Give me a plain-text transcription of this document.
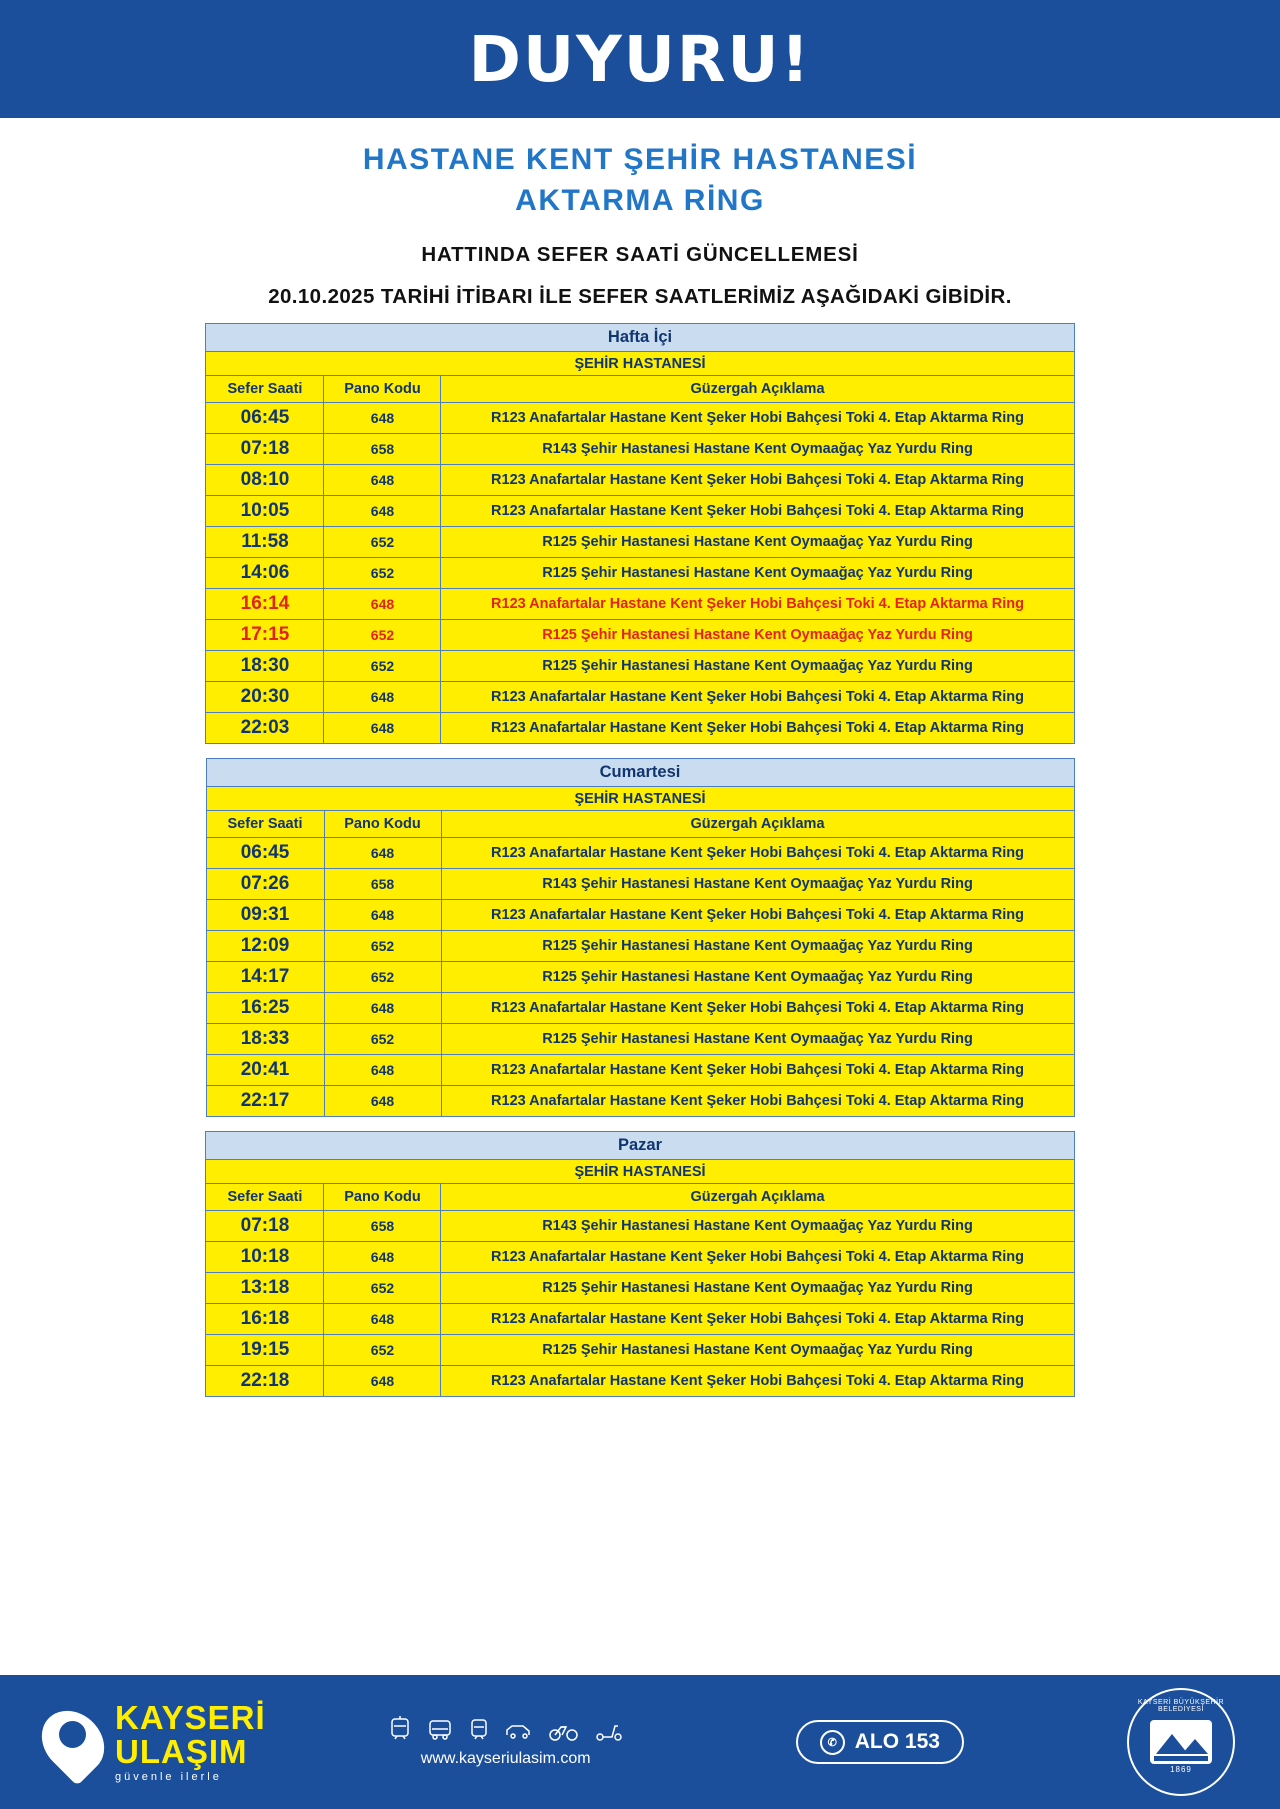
DUYURU!
HASTANE KENT ŞEHİR HASTANESİ
AKTARMA RİNG
HATTINDA SEFER SAATİ GÜNCELLEMESİ
20.10.2025 TARİHİ İTİBARI İLE SEFER SAATLERİMİZ AŞAĞIDAKİ GİBİDİR.
Hafta İçi		
ŞEHİR HASTANESİ		
Sefer Saati	Pano Kodu	Güzergah Açıklama
06:45	648	R123 Anafartalar Hastane Kent Şeker Hobi Bahçesi Toki 4. Etap Aktarma Ring
07:18	658	R143 Şehir Hastanesi Hastane Kent Oymaağaç Yaz Yurdu Ring
08:10	648	R123 Anafartalar Hastane Kent Şeker Hobi Bahçesi Toki 4. Etap Aktarma Ring
10:05	648	R123 Anafartalar Hastane Kent Şeker Hobi Bahçesi Toki 4. Etap Aktarma Ring
11:58	652	R125 Şehir Hastanesi Hastane Kent Oymaağaç Yaz Yurdu Ring
14:06	652	R125 Şehir Hastanesi Hastane Kent Oymaağaç Yaz Yurdu Ring
16:14	648	R123 Anafartalar Hastane Kent Şeker Hobi Bahçesi Toki 4. Etap Aktarma Ring
17:15	652	R125 Şehir Hastanesi Hastane Kent Oymaağaç Yaz Yurdu Ring
18:30	652	R125 Şehir Hastanesi Hastane Kent Oymaağaç Yaz Yurdu Ring
20:30	648	R123 Anafartalar Hastane Kent Şeker Hobi Bahçesi Toki 4. Etap Aktarma Ring
22:03	648	R123 Anafartalar Hastane Kent Şeker Hobi Bahçesi Toki 4. Etap Aktarma Ring
Cumartesi		
ŞEHİR HASTANESİ		
Sefer Saati	Pano Kodu	Güzergah Açıklama
06:45	648	R123 Anafartalar Hastane Kent Şeker Hobi Bahçesi Toki 4. Etap Aktarma Ring
07:26	658	R143 Şehir Hastanesi Hastane Kent Oymaağaç Yaz Yurdu Ring
09:31	648	R123 Anafartalar Hastane Kent Şeker Hobi Bahçesi Toki 4. Etap Aktarma Ring
12:09	652	R125 Şehir Hastanesi Hastane Kent Oymaağaç Yaz Yurdu Ring
14:17	652	R125 Şehir Hastanesi Hastane Kent Oymaağaç Yaz Yurdu Ring
16:25	648	R123 Anafartalar Hastane Kent Şeker Hobi Bahçesi Toki 4. Etap Aktarma Ring
18:33	652	R125 Şehir Hastanesi Hastane Kent Oymaağaç Yaz Yurdu Ring
20:41	648	R123 Anafartalar Hastane Kent Şeker Hobi Bahçesi Toki 4. Etap Aktarma Ring
22:17	648	R123 Anafartalar Hastane Kent Şeker Hobi Bahçesi Toki 4. Etap Aktarma Ring
Pazar		
ŞEHİR HASTANESİ		
Sefer Saati	Pano Kodu	Güzergah Açıklama
07:18	658	R143 Şehir Hastanesi Hastane Kent Oymaağaç Yaz Yurdu Ring
10:18	648	R123 Anafartalar Hastane Kent Şeker Hobi Bahçesi Toki 4. Etap Aktarma Ring
13:18	652	R125 Şehir Hastanesi Hastane Kent Oymaağaç Yaz Yurdu Ring
16:18	648	R123 Anafartalar Hastane Kent Şeker Hobi Bahçesi Toki 4. Etap Aktarma Ring
19:15	652	R125 Şehir Hastanesi Hastane Kent Oymaağaç Yaz Yurdu Ring
22:18	648	R123 Anafartalar Hastane Kent Şeker Hobi Bahçesi Toki 4. Etap Aktarma Ring
KAYSERİ
ULAŞIM
güvenle ilerle
www.kayseriulasim.com
✆ ALO 153
KAYSERİ BÜYÜKŞEHİR BELEDİYESİ
1869
